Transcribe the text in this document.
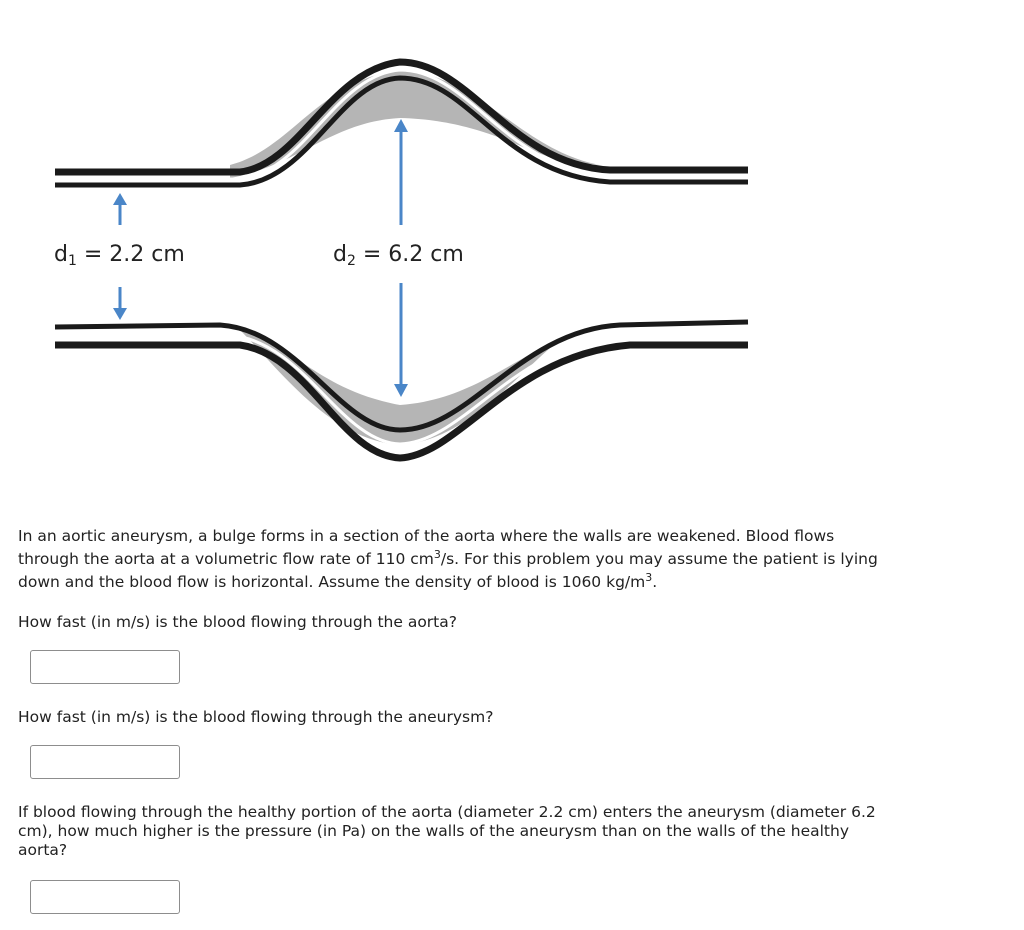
$d_1 = 2.2$ cm	$d_2 = 6.2$ cm

In an aortic aneurysm, a bulge forms in a section of the aorta where the walls are weakened. Blood flows through the aorta at a volumetric flow rate of 110 $cm^3/s$. For this problem you may assume the patient is lying down and the blood flow is horizontal. Assume the density of blood is 1060 $kg/m^3$.

How fast (in m/s) is the blood flowing through the aorta?

How fast (in m/s) is the blood flowing through the aneurysm?

If blood flowing through the healthy portion of the aorta (diameter 2.2 cm) enters the aneurysm (diameter 6.2 cm), how much higher is the pressure (in Pa) on the walls of the aneurysm than on the walls of the healthy aorta?
